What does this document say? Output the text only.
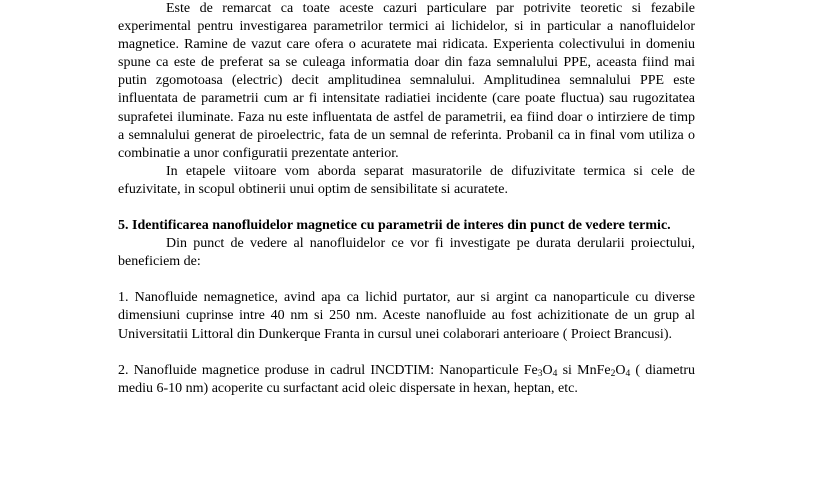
Este de remarcat ca toate aceste cazuri particulare par potrivite teoretic si fezabile experimental pentru investigarea parametrilor termici ai lichidelor, si in particular a nanofluidelor magnetice. Ramine de vazut care ofera o acuratete mai ridicata. Experienta colectivului in domeniu spune ca este de preferat sa se culeaga informatia doar din faza semnalului PPE, aceasta fiind mai putin zgomotoasa (electric) decit amplitudinea semnalului. Amplitudinea semnalului PPE este influentata de parametrii cum ar fi intensitate radiatiei incidente (care poate fluctua) sau rugozitatea suprafetei iluminate. Faza nu este influentata de astfel de parametrii, ea fiind doar o intirziere de timp a semnalului generat de piroelectric, fata de un semnal de referinta. Probanil ca in final vom utiliza o combinatie a unor configuratii prezentate anterior.

In etapele viitoare vom aborda separat masuratorile de difuzivitate termica si cele de efuzivitate, in scopul obtinerii unui optim de sensibilitate si acuratete.

5. Identificarea nanofluidelor magnetice cu parametrii de interes din punct de vedere termic.

Din punct de vedere al nanofluidelor ce vor fi investigate pe durata derularii proiectului, beneficiem de:

1. Nanofluide nemagnetice, avind apa ca lichid purtator, aur si argint ca nanoparticule cu diverse dimensiuni cuprinse intre 40 nm si 250 nm. Aceste nanofluide au fost achizitionate de un grup al Universitatii Littoral din Dunkerque Franta in cursul unei colaborari anterioare ( Proiect Brancusi).

2. Nanofluide magnetice produse in cadrul INCDTIM: Nanoparticule $Fe_3O_4$ si $MnFe_2O_4$ ( diametru mediu 6-10 nm) acoperite cu surfactant acid oleic dispersate in hexan, heptan, etc.
